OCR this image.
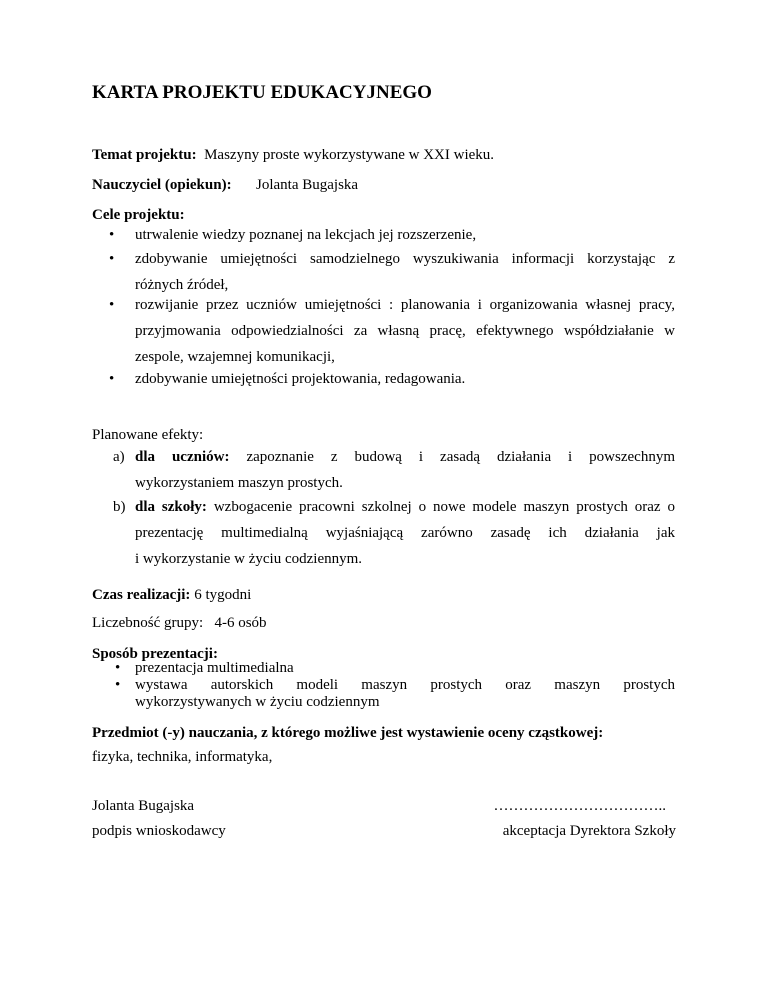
KARTA PROJEKTU EDUKACYJNEGO
Temat projektu: Maszyny proste wykorzystywane w XXI wieku.
Nauczyciel (opiekun): Jolanta Bugajska
Cele projektu:
• utrwalenie wiedzy poznanej na lekcjach jej rozszerzenie,
• zdobywanie umiejętności samodzielnego wyszukiwania informacji korzystając z
różnych źródeł,
• rozwijanie przez uczniów umiejętności : planowania i organizowania własnej pracy,
przyjmowania odpowiedzialności za własną pracę, efektywnego współdziałanie w
zespole, wzajemnej komunikacji,
• zdobywanie umiejętności projektowania, redagowania.
Planowane efekty:
a) dla uczniów: zapoznanie z budową i zasadą działania i powszechnym
wykorzystaniem maszyn prostych.
b) dla szkoły: wzbogacenie pracowni szkolnej o nowe modele maszyn prostych oraz o
prezentację multimedialną wyjaśniającą zarówno zasadę ich działania jak
i wykorzystanie w życiu codziennym.
Czas realizacji: 6 tygodni
Liczebność grupy:   4-6 osób
Sposób prezentacji:
• prezentacja multimedialna
• wystawa autorskich modeli maszyn prostych oraz maszyn prostych
wykorzystywanych w życiu codziennym
Przedmiot (-y) nauczania, z którego możliwe jest wystawienie oceny cząstkowej:
fizyka, technika, informatyka,
Jolanta Bugajska	……………………………..
podpis wnioskodawcy	akceptacja Dyrektora Szkoły
